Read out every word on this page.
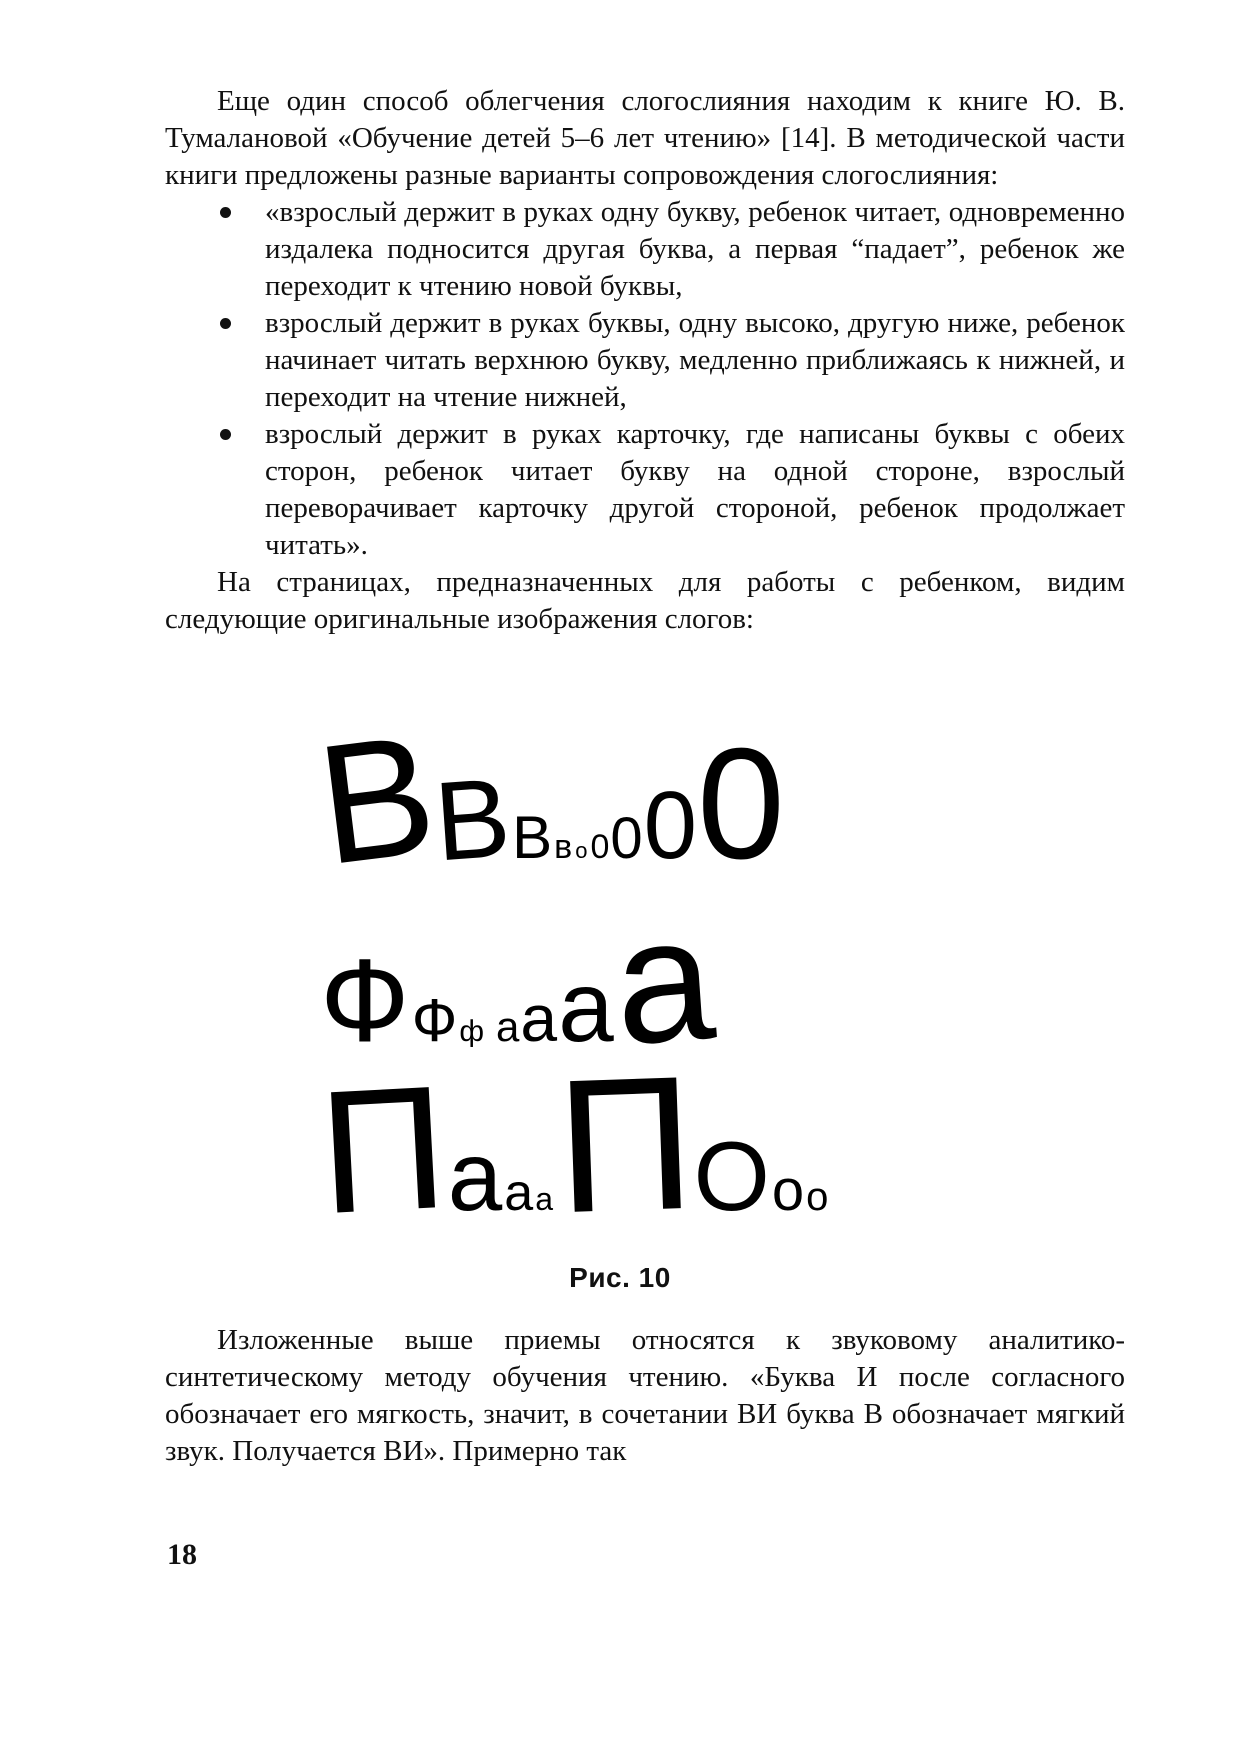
Еще один способ облегчения слогослияния находим к книге Ю. В. Тумалановой «Обучение детей 5–6 лет чтению» [14]. В методической части книги предложены разные варианты сопровождения слогослияния:

«взрослый держит в руках одну букву, ребенок читает, одновременно издалека подносится другая буква, а первая “падает”, ребенок же переходит к чтению новой буквы,
взрослый держит в руках буквы, одну высоко, другую ниже, ребенок начинает читать верхнюю букву, медленно приближаясь к нижней, и переходит на чтение нижней,
взрослый держит в руках карточку, где написаны буквы с обеих сторон, ребенок читает букву на одной стороне, взрослый переворачивает карточку другой стороной, ребенок продолжает читать».

На страницах, предназначенных для работы с ребенком, видим следующие оригинальные изображения слогов:

В
В
В в о 0 0 0 0
Ф Ф ф а а а
а
П
а а а П
О о о
Рис. 10

Изложенные выше приемы относятся к звуковому аналитико-синтетическому методу обучения чтению. «Буква И после согласного обозначает его мягкость, значит, в сочетании ВИ буква В обозначает мягкий звук. Получается ВИ». Примерно так

18
